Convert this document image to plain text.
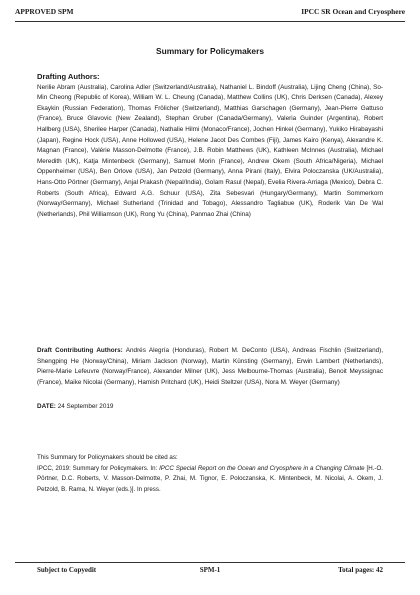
APPROVED SPM	IPCC SR Ocean and Cryosphere
Summary for Policymakers
Drafting Authors:
Nerilie Abram (Australia), Carolina Adler (Switzerland/Australia), Nathaniel L. Bindoff (Australia), Lijing Cheng (China), So-Min Cheong (Republic of Korea), William W. L. Cheung (Canada), Matthew Collins (UK), Chris Derksen (Canada), Alexey Ekaykin (Russian Federation), Thomas Frölicher (Switzerland), Matthias Garschagen (Germany), Jean-Pierre Gattuso (France), Bruce Glavovic (New Zealand), Stephan Gruber (Canada/Germany), Valeria Guinder (Argentina), Robert Hallberg (USA), Sherilee Harper (Canada), Nathalie Hilmi (Monaco/France), Jochen Hinkel (Germany), Yukiko Hirabayashi (Japan), Regine Hock (USA), Anne Hollowed (USA), Helene Jacot Des Combes (Fiji), James Kairo (Kenya), Alexandre K. Magnan (France), Valérie Masson-Delmotte (France), J.B. Robin Matthews (UK), Kathleen McInnes (Australia), Michael Meredith (UK), Katja Mintenbeck (Germany), Samuel Morin (France), Andrew Okem (South Africa/Nigeria), Michael Oppenheimer (USA), Ben Orlove (USA), Jan Petzold (Germany), Anna Pirani (Italy), Elvira Poloczanska (UK/Australia), Hans-Otto Pörtner (Germany), Anjal Prakash (Nepal/India), Golam Rasul (Nepal), Evelia Rivera-Arriaga (Mexico), Debra C. Roberts (South Africa), Edward A.G. Schuur (USA), Zita Sebesvari (Hungary/Germany), Martin Sommerkorn (Norway/Germany), Michael Sutherland (Trinidad and Tobago), Alessandro Tagliabue (UK), Roderik Van De Wal (Netherlands), Phil Williamson (UK), Rong Yu (China), Panmao Zhai (China)
Draft Contributing Authors: Andrés Alegría (Honduras), Robert M. DeConto (USA), Andreas Fischlin (Switzerland), Shengping He (Norway/China), Miriam Jackson (Norway), Martin Künsting (Germany), Erwin Lambert (Netherlands), Pierre-Marie Lefeuvre (Norway/France), Alexander Milner (UK), Jess Melbourne-Thomas (Australia), Benoit Meyssignac (France), Maike Nicolai (Germany), Hamish Pritchard (UK), Heidi Steltzer (USA), Nora M. Weyer (Germany)
DATE: 24 September 2019
This Summary for Policymakers should be cited as:
IPCC, 2019: Summary for Policymakers. In: IPCC Special Report on the Ocean and Cryosphere in a Changing Climate [H.-O. Pörtner, D.C. Roberts, V. Masson-Delmotte, P. Zhai, M. Tignor, E. Poloczanska, K. Mintenbeck, M. Nicolai, A. Okem, J. Petzold, B. Rama, N. Weyer (eds.)]. In press.
Subject to Copyedit	SPM-1	Total pages: 42
